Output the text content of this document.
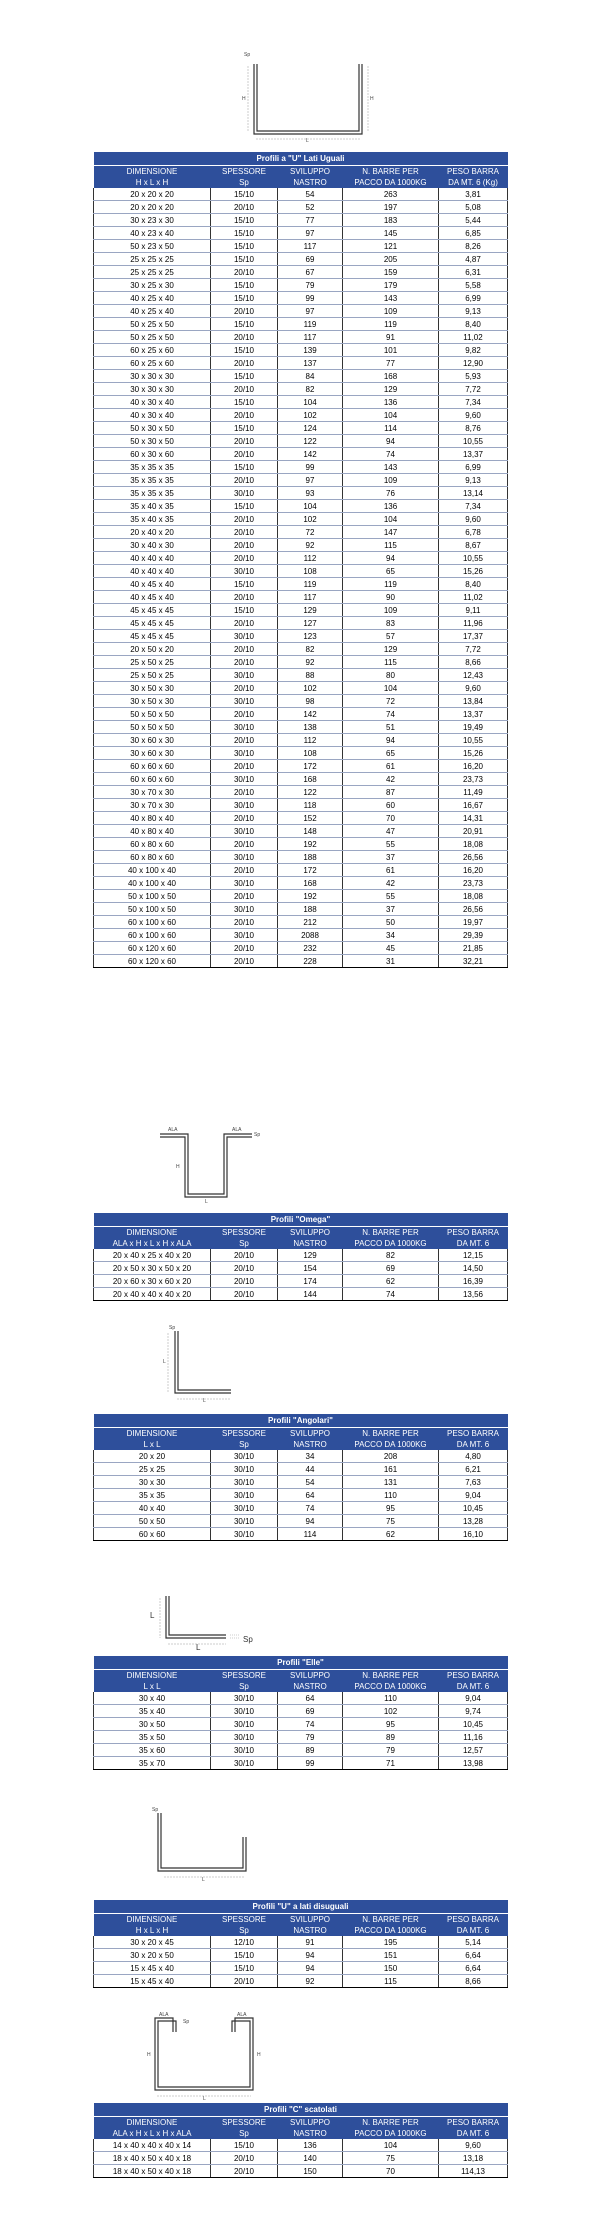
Sp
H	H
L
Profili a "U" Lati Uguali				
DIMENSIONE	SPESSORE	SVILUPPO	N. BARRE PER	PESO BARRA
H x L x H	Sp	NASTRO	PACCO DA 1000KG	DA MT. 6 (Kg)
20 x 20 x 20	15/10	54	263	3,81
20 x 20 x 20	20/10	52	197	5,08
30 x 23 x 30	15/10	77	183	5,44
40 x 23 x 40	15/10	97	145	6,85
50 x 23 x 50	15/10	117	121	8,26
25 x 25 x 25	15/10	69	205	4,87
25 x 25 x 25	20/10	67	159	6,31
30 x 25 x 30	15/10	79	179	5,58
40 x 25 x 40	15/10	99	143	6,99
40 x 25 x 40	20/10	97	109	9,13
50 x 25 x 50	15/10	119	119	8,40
50 x 25 x 50	20/10	117	91	11,02
60 x 25 x 60	15/10	139	101	9,82
60 x 25 x 60	20/10	137	77	12,90
30 x 30 x 30	15/10	84	168	5,93
30 x 30 x 30	20/10	82	129	7,72
40 x 30 x 40	15/10	104	136	7,34
40 x 30 x 40	20/10	102	104	9,60
50 x 30 x 50	15/10	124	114	8,76
50 x 30 x 50	20/10	122	94	10,55
60 x 30 x 60	20/10	142	74	13,37
35 x 35 x 35	15/10	99	143	6,99
35 x 35 x 35	20/10	97	109	9,13
35 x 35 x 35	30/10	93	76	13,14
35 x 40 x 35	15/10	104	136	7,34
35 x 40 x 35	20/10	102	104	9,60
20 x 40 x 20	20/10	72	147	6,78
30 x 40 x 30	20/10	92	115	8,67
40 x 40 x 40	20/10	112	94	10,55
40 x 40 x 40	30/10	108	65	15,26
40 x 45 x 40	15/10	119	119	8,40
40 x 45 x 40	20/10	117	90	11,02
45 x 45 x 45	15/10	129	109	9,11
45 x 45 x 45	20/10	127	83	11,96
45 x 45 x 45	30/10	123	57	17,37
20 x 50 x 20	20/10	82	129	7,72
25 x 50 x 25	20/10	92	115	8,66
25 x 50 x 25	30/10	88	80	12,43
30 x 50 x 30	20/10	102	104	9,60
30 x 50 x 30	30/10	98	72	13,84
50 x 50 x 50	20/10	142	74	13,37
50 x 50 x 50	30/10	138	51	19,49
30 x 60 x 30	20/10	112	94	10,55
30 x 60 x 30	30/10	108	65	15,26
60 x 60 x 60	20/10	172	61	16,20
60 x 60 x 60	30/10	168	42	23,73
30 x 70 x 30	20/10	122	87	11,49
30 x 70 x 30	30/10	118	60	16,67
40 x 80 x 40	20/10	152	70	14,31
40 x 80 x 40	30/10	148	47	20,91
60 x 80 x 60	20/10	192	55	18,08
60 x 80 x 60	30/10	188	37	26,56
40 x 100 x 40	20/10	172	61	16,20
40 x 100 x 40	30/10	168	42	23,73
50 x 100 x 50	20/10	192	55	18,08
50 x 100 x 50	30/10	188	37	26,56
60 x 100 x 60	20/10	212	50	19,97
60 x 100 x 60	30/10	2088	34	29,39
60 x 120 x 60	20/10	232	45	21,85
60 x 120 x 60	20/10	228	31	32,21
ALA	ALA
Sp
H
L
Profili "Omega"				
DIMENSIONE	SPESSORE	SVILUPPO	N. BARRE PER	PESO BARRA
ALA x H x L x H x ALA	Sp	NASTRO	PACCO DA 1000KG	DA MT. 6
20 x 40 x 25 x 40 x 20	20/10	129	82	12,15
20 x 50 x 30 x 50 x 20	20/10	154	69	14,50
20 x 60 x 30 x 60 x 20	20/10	174	62	16,39
20 x 40 x 40 x 40 x 20	20/10	144	74	13,56
Sp
L
L
Profili "Angolari"				
DIMENSIONE	SPESSORE	SVILUPPO	N. BARRE PER	PESO BARRA
L x L	Sp	NASTRO	PACCO DA 1000KG	DA MT. 6
20 x 20	30/10	34	208	4,80
25 x 25	30/10	44	161	6,21
30 x 30	30/10	54	131	7,63
35 x 35	30/10	64	110	9,04
40 x 40	30/10	74	95	10,45
50 x 50	30/10	94	75	13,28
60 x 60	30/10	114	62	16,10
L
L
Sp
Profili "Elle"				
DIMENSIONE	SPESSORE	SVILUPPO	N. BARRE PER	PESO BARRA
L x L	Sp	NASTRO	PACCO DA 1000KG	DA MT. 6
30 x 40	30/10	64	110	9,04
35 x 40	30/10	69	102	9,74
30 x 50	30/10	74	95	10,45
35 x 50	30/10	79	89	11,16
35 x 60	30/10	89	79	12,57
35 x 70	30/10	99	71	13,98
Sp
L
Profili "U" a lati disuguali				
DIMENSIONE	SPESSORE	SVILUPPO	N. BARRE PER	PESO BARRA
H x L x H	Sp	NASTRO	PACCO DA 1000KG	DA MT. 6
30 x 20 x 45	12/10	91	195	5,14
30 x 20 x 50	15/10	94	151	6,64
15 x 45 x 40	15/10	94	150	6,64
15 x 45 x 40	20/10	92	115	8,66
ALA	ALA
Sp
H	H
L
Profili "C" scatolati				
DIMENSIONE	SPESSORE	SVILUPPO	N. BARRE PER	PESO BARRA
ALA x H x L x H x ALA	Sp	NASTRO	PACCO DA 1000KG	DA MT. 6
14 x 40 x 40 x 40 x 14	15/10	136	104	9,60
18 x 40 x 50 x 40 x 18	20/10	140	75	13,18
18 x 40 x 50 x 40 x 18	20/10	150	70	114,13
